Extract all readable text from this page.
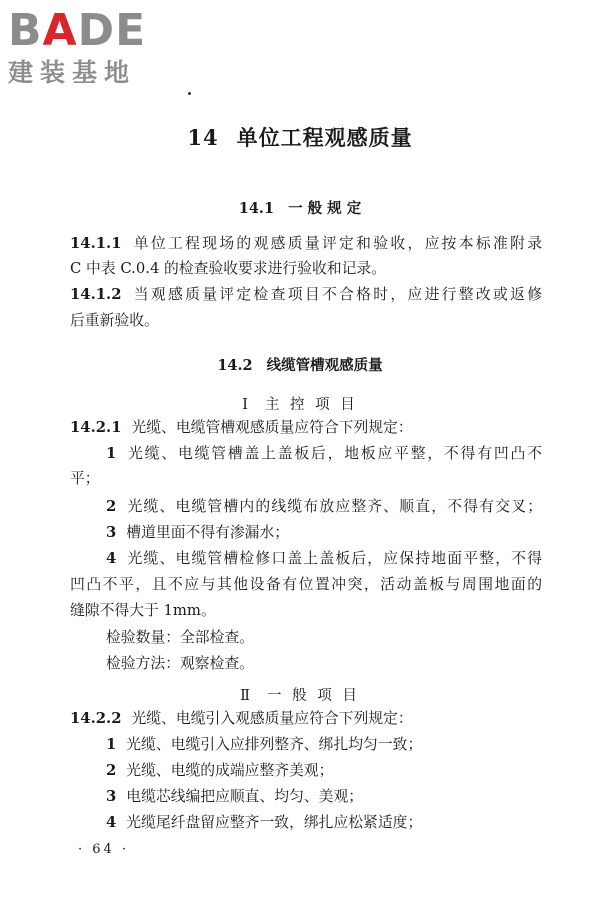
BADE
建装基地
14 单位工程观感质量
14.1 一 般 规 定
14.1.1 单位工程现场的观感质量评定和验收，应按本标准附录
C 中表 C.0.4 的检查验收要求进行验收和记录。
14.1.2 当观感质量评定检查项目不合格时，应进行整改或返修
后重新验收。
14.2 线缆管槽观感质量
Ⅰ 主 控 项 目
14.2.1 光缆、电缆管槽观感质量应符合下列规定：
1 光缆、电缆管槽盖上盖板后，地板应平整，不得有凹凸不
平；
2 光缆、电缆管槽内的线缆布放应整齐、顺直，不得有交叉；
3 槽道里面不得有渗漏水；
4 光缆、电缆管槽检修口盖上盖板后，应保持地面平整，不得
凹凸不平，且不应与其他设备有位置冲突，活动盖板与周围地面的
缝隙不得大于 1mm。
检验数量：全部检查。
检验方法：观察检查。
Ⅱ 一 般 项 目
14.2.2 光缆、电缆引入观感质量应符合下列规定：
1 光缆、电缆引入应排列整齐、绑扎均匀一致；
2 光缆、电缆的成端应整齐美观；
3 电缆芯线编把应顺直、均匀、美观；
4 光缆尾纤盘留应整齐一致，绑扎应松紧适度；
· 64 ·
